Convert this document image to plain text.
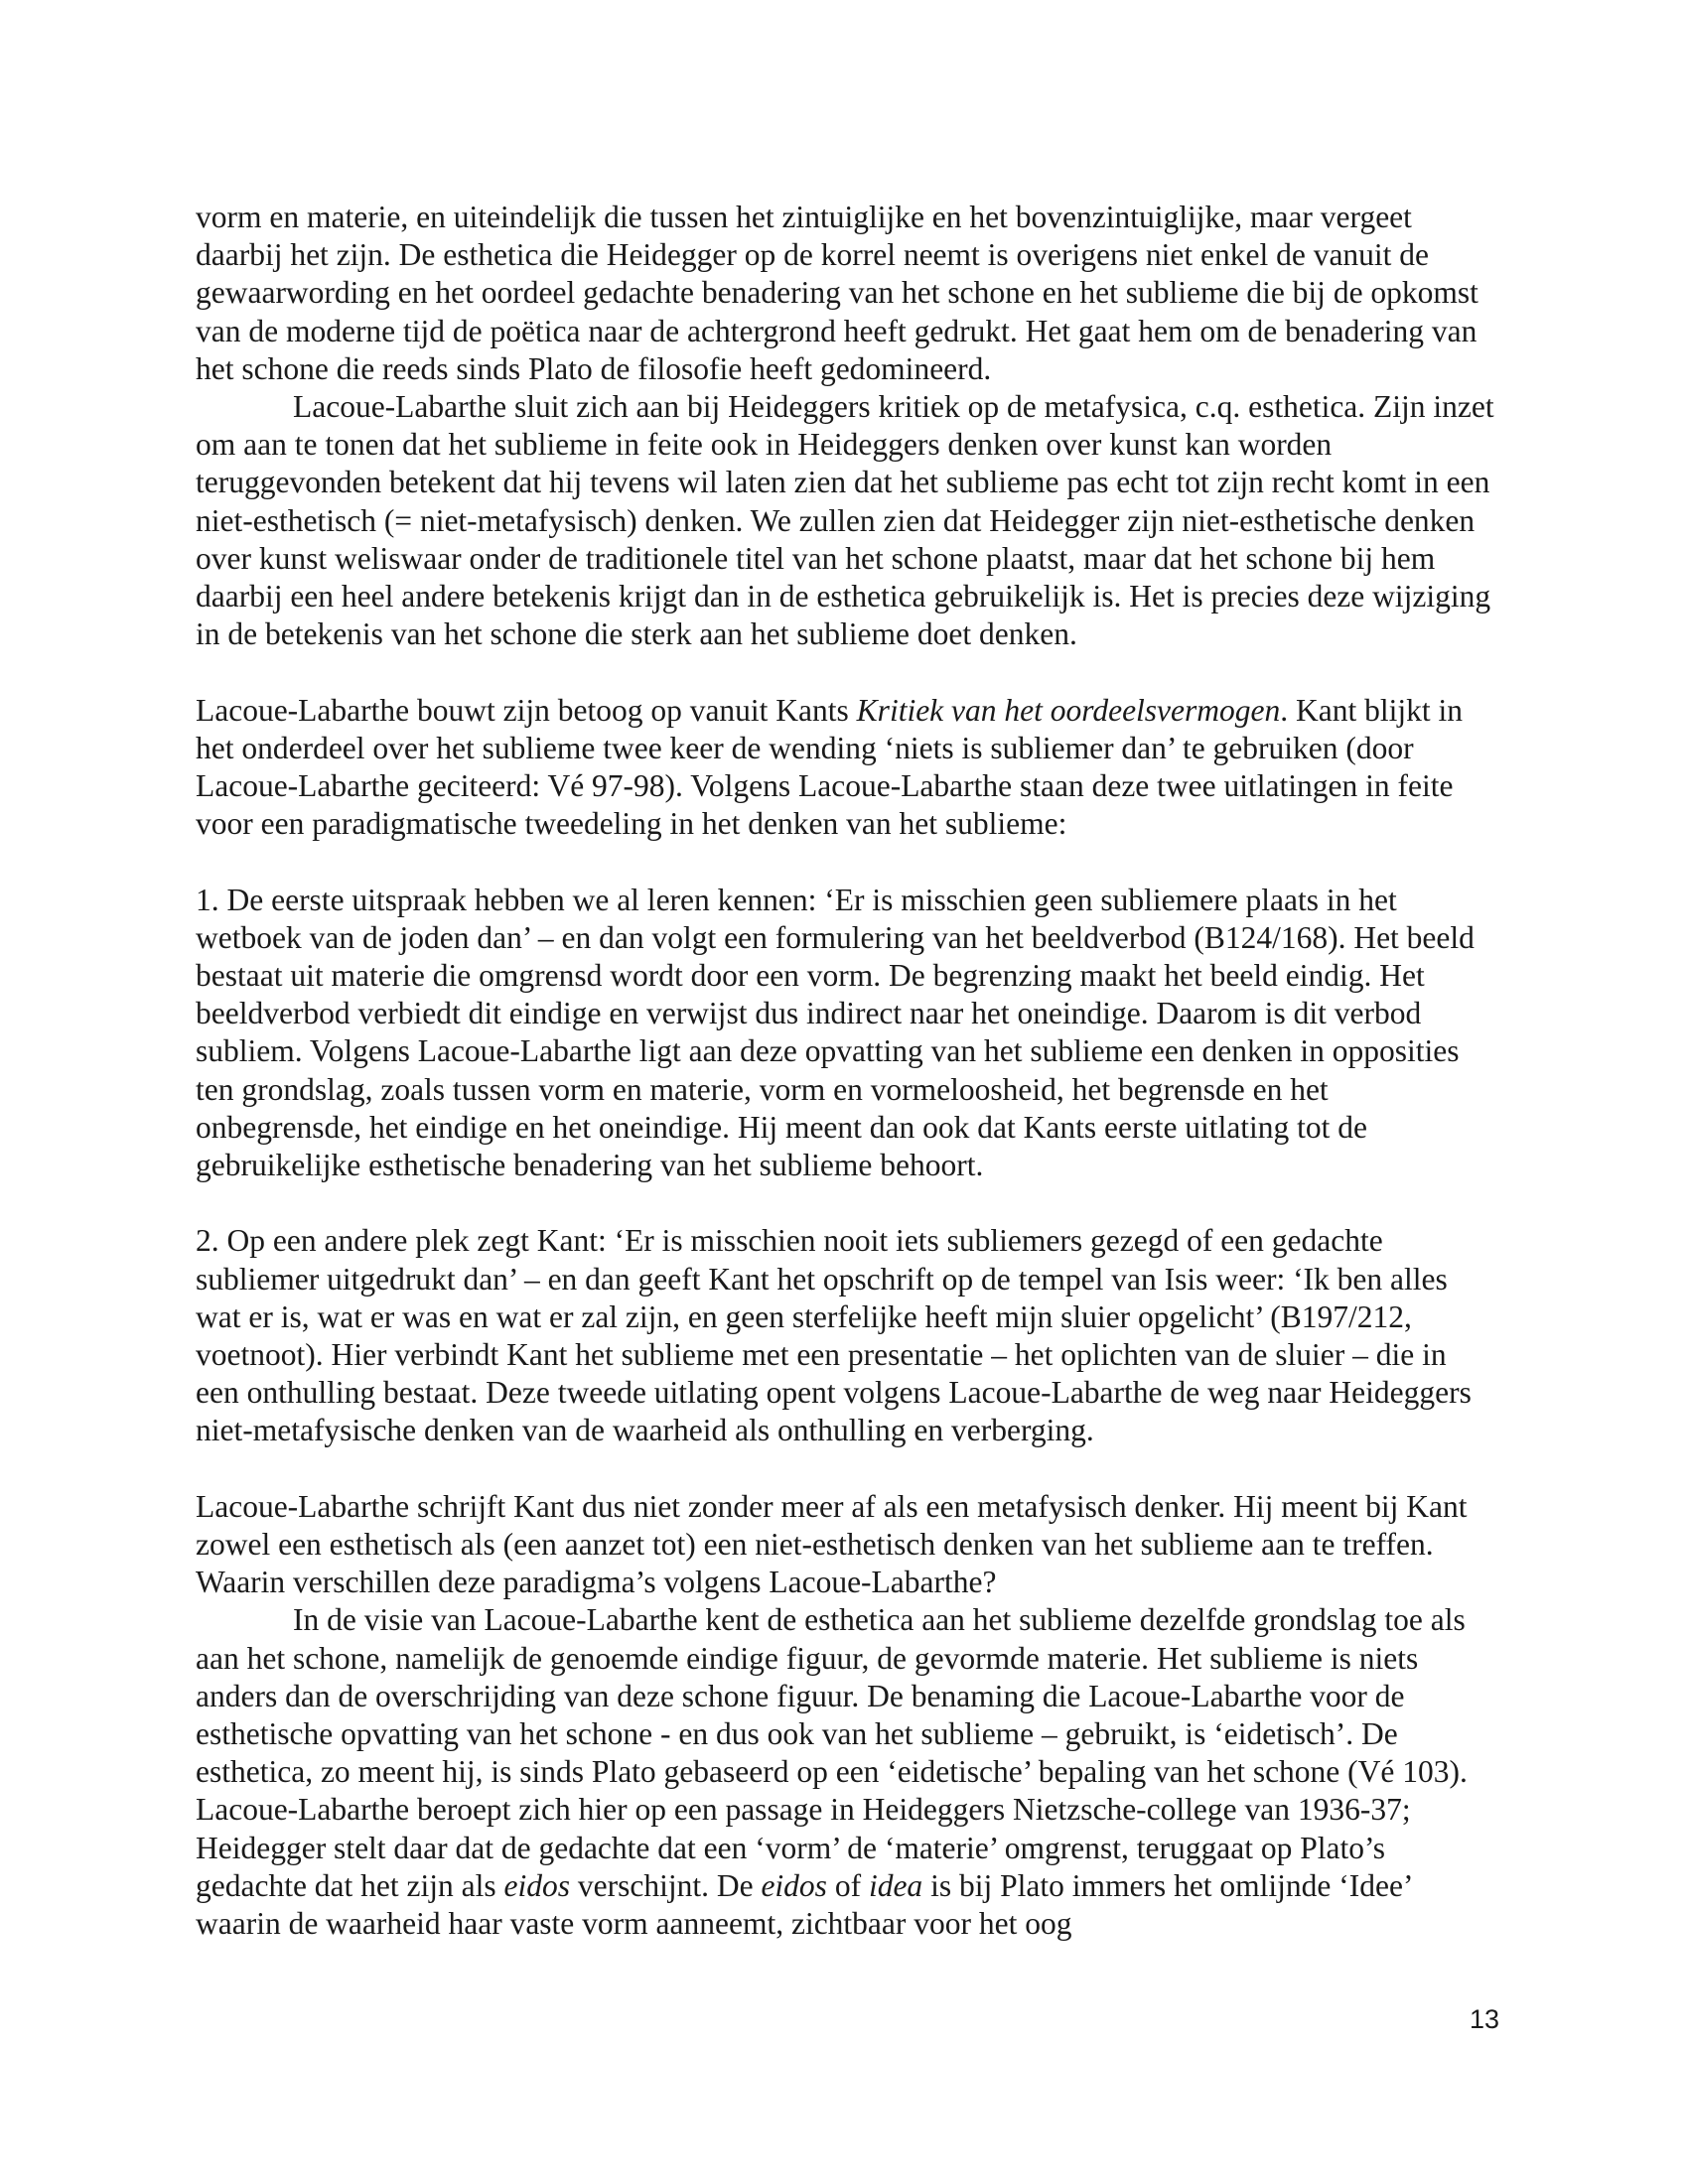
vorm en materie, en uiteindelijk die tussen het zintuiglijke en het bovenzintuiglijke, maar vergeet daarbij het zijn. De esthetica die Heidegger op de korrel neemt is overigens niet enkel de vanuit de gewaarwording en het oordeel gedachte benadering van het schone en het sublieme die bij de opkomst van de moderne tijd de poëtica naar de achtergrond heeft gedrukt. Het gaat hem om de benadering van het schone die reeds sinds Plato de filosofie heeft gedomineerd.

Lacoue-Labarthe sluit zich aan bij Heideggers kritiek op de metafysica, c.q. esthetica. Zijn inzet om aan te tonen dat het sublieme in feite ook in Heideggers denken over kunst kan worden teruggevonden betekent dat hij tevens wil laten zien dat het sublieme pas echt tot zijn recht komt in een niet-esthetisch (= niet-metafysisch) denken. We zullen zien dat Heidegger zijn niet-esthetische denken over kunst weliswaar onder de traditionele titel van het schone plaatst, maar dat het schone bij hem daarbij een heel andere betekenis krijgt dan in de esthetica gebruikelijk is. Het is precies deze wijziging in de betekenis van het schone die sterk aan het sublieme doet denken.

Lacoue-Labarthe bouwt zijn betoog op vanuit Kants Kritiek van het oordeelsvermogen. Kant blijkt in het onderdeel over het sublieme twee keer de wending ‘niets is subliemer dan’ te gebruiken (door Lacoue-Labarthe geciteerd: Vé 97-98). Volgens Lacoue-Labarthe staan deze twee uitlatingen in feite voor een paradigmatische tweedeling in het denken van het sublieme:

1. De eerste uitspraak hebben we al leren kennen: ‘Er is misschien geen subliemere plaats in het wetboek van de joden dan’ – en dan volgt een formulering van het beeldverbod (B124/168). Het beeld bestaat uit materie die omgrensd wordt door een vorm. De begrenzing maakt het beeld eindig. Het beeldverbod verbiedt dit eindige en verwijst dus indirect naar het oneindige. Daarom is dit verbod subliem. Volgens Lacoue-Labarthe ligt aan deze opvatting van het sublieme een denken in opposities ten grondslag, zoals tussen vorm en materie, vorm en vormeloosheid, het begrensde en het onbegrensde, het eindige en het oneindige. Hij meent dan ook dat Kants eerste uitlating tot de gebruikelijke esthetische benadering van het sublieme behoort.

2. Op een andere plek zegt Kant: ‘Er is misschien nooit iets subliemers gezegd of een gedachte subliemer uitgedrukt dan’ – en dan geeft Kant het opschrift op de tempel van Isis weer: ‘Ik ben alles wat er is, wat er was en wat er zal zijn, en geen sterfelijke heeft mijn sluier opgelicht’ (B197/212, voetnoot). Hier verbindt Kant het sublieme met een presentatie – het oplichten van de sluier – die in een onthulling bestaat. Deze tweede uitlating opent volgens Lacoue-Labarthe de weg naar Heideggers niet-metafysische denken van de waarheid als onthulling en verberging.

Lacoue-Labarthe schrijft Kant dus niet zonder meer af als een metafysisch denker. Hij meent bij Kant zowel een esthetisch als (een aanzet tot) een niet-esthetisch denken van het sublieme aan te treffen. Waarin verschillen deze paradigma’s volgens Lacoue-Labarthe?

In de visie van Lacoue-Labarthe kent de esthetica aan het sublieme dezelfde grondslag toe als aan het schone, namelijk de genoemde eindige figuur, de gevormde materie. Het sublieme is niets anders dan de overschrijding van deze schone figuur. De benaming die Lacoue-Labarthe voor de esthetische opvatting van het schone - en dus ook van het sublieme – gebruikt, is ‘eidetisch’. De esthetica, zo meent hij, is sinds Plato gebaseerd op een ‘eidetische’ bepaling van het schone (Vé 103). Lacoue-Labarthe beroept zich hier op een passage in Heideggers Nietzsche-college van 1936-37; Heidegger stelt daar dat de gedachte dat een ‘vorm’ de ‘materie’ omgrenst, teruggaat op Plato’s gedachte dat het zijn als eidos verschijnt. De eidos of idea is bij Plato immers het omlijnde ‘Idee’ waarin de waarheid haar vaste vorm aanneemt, zichtbaar voor het oog

13
